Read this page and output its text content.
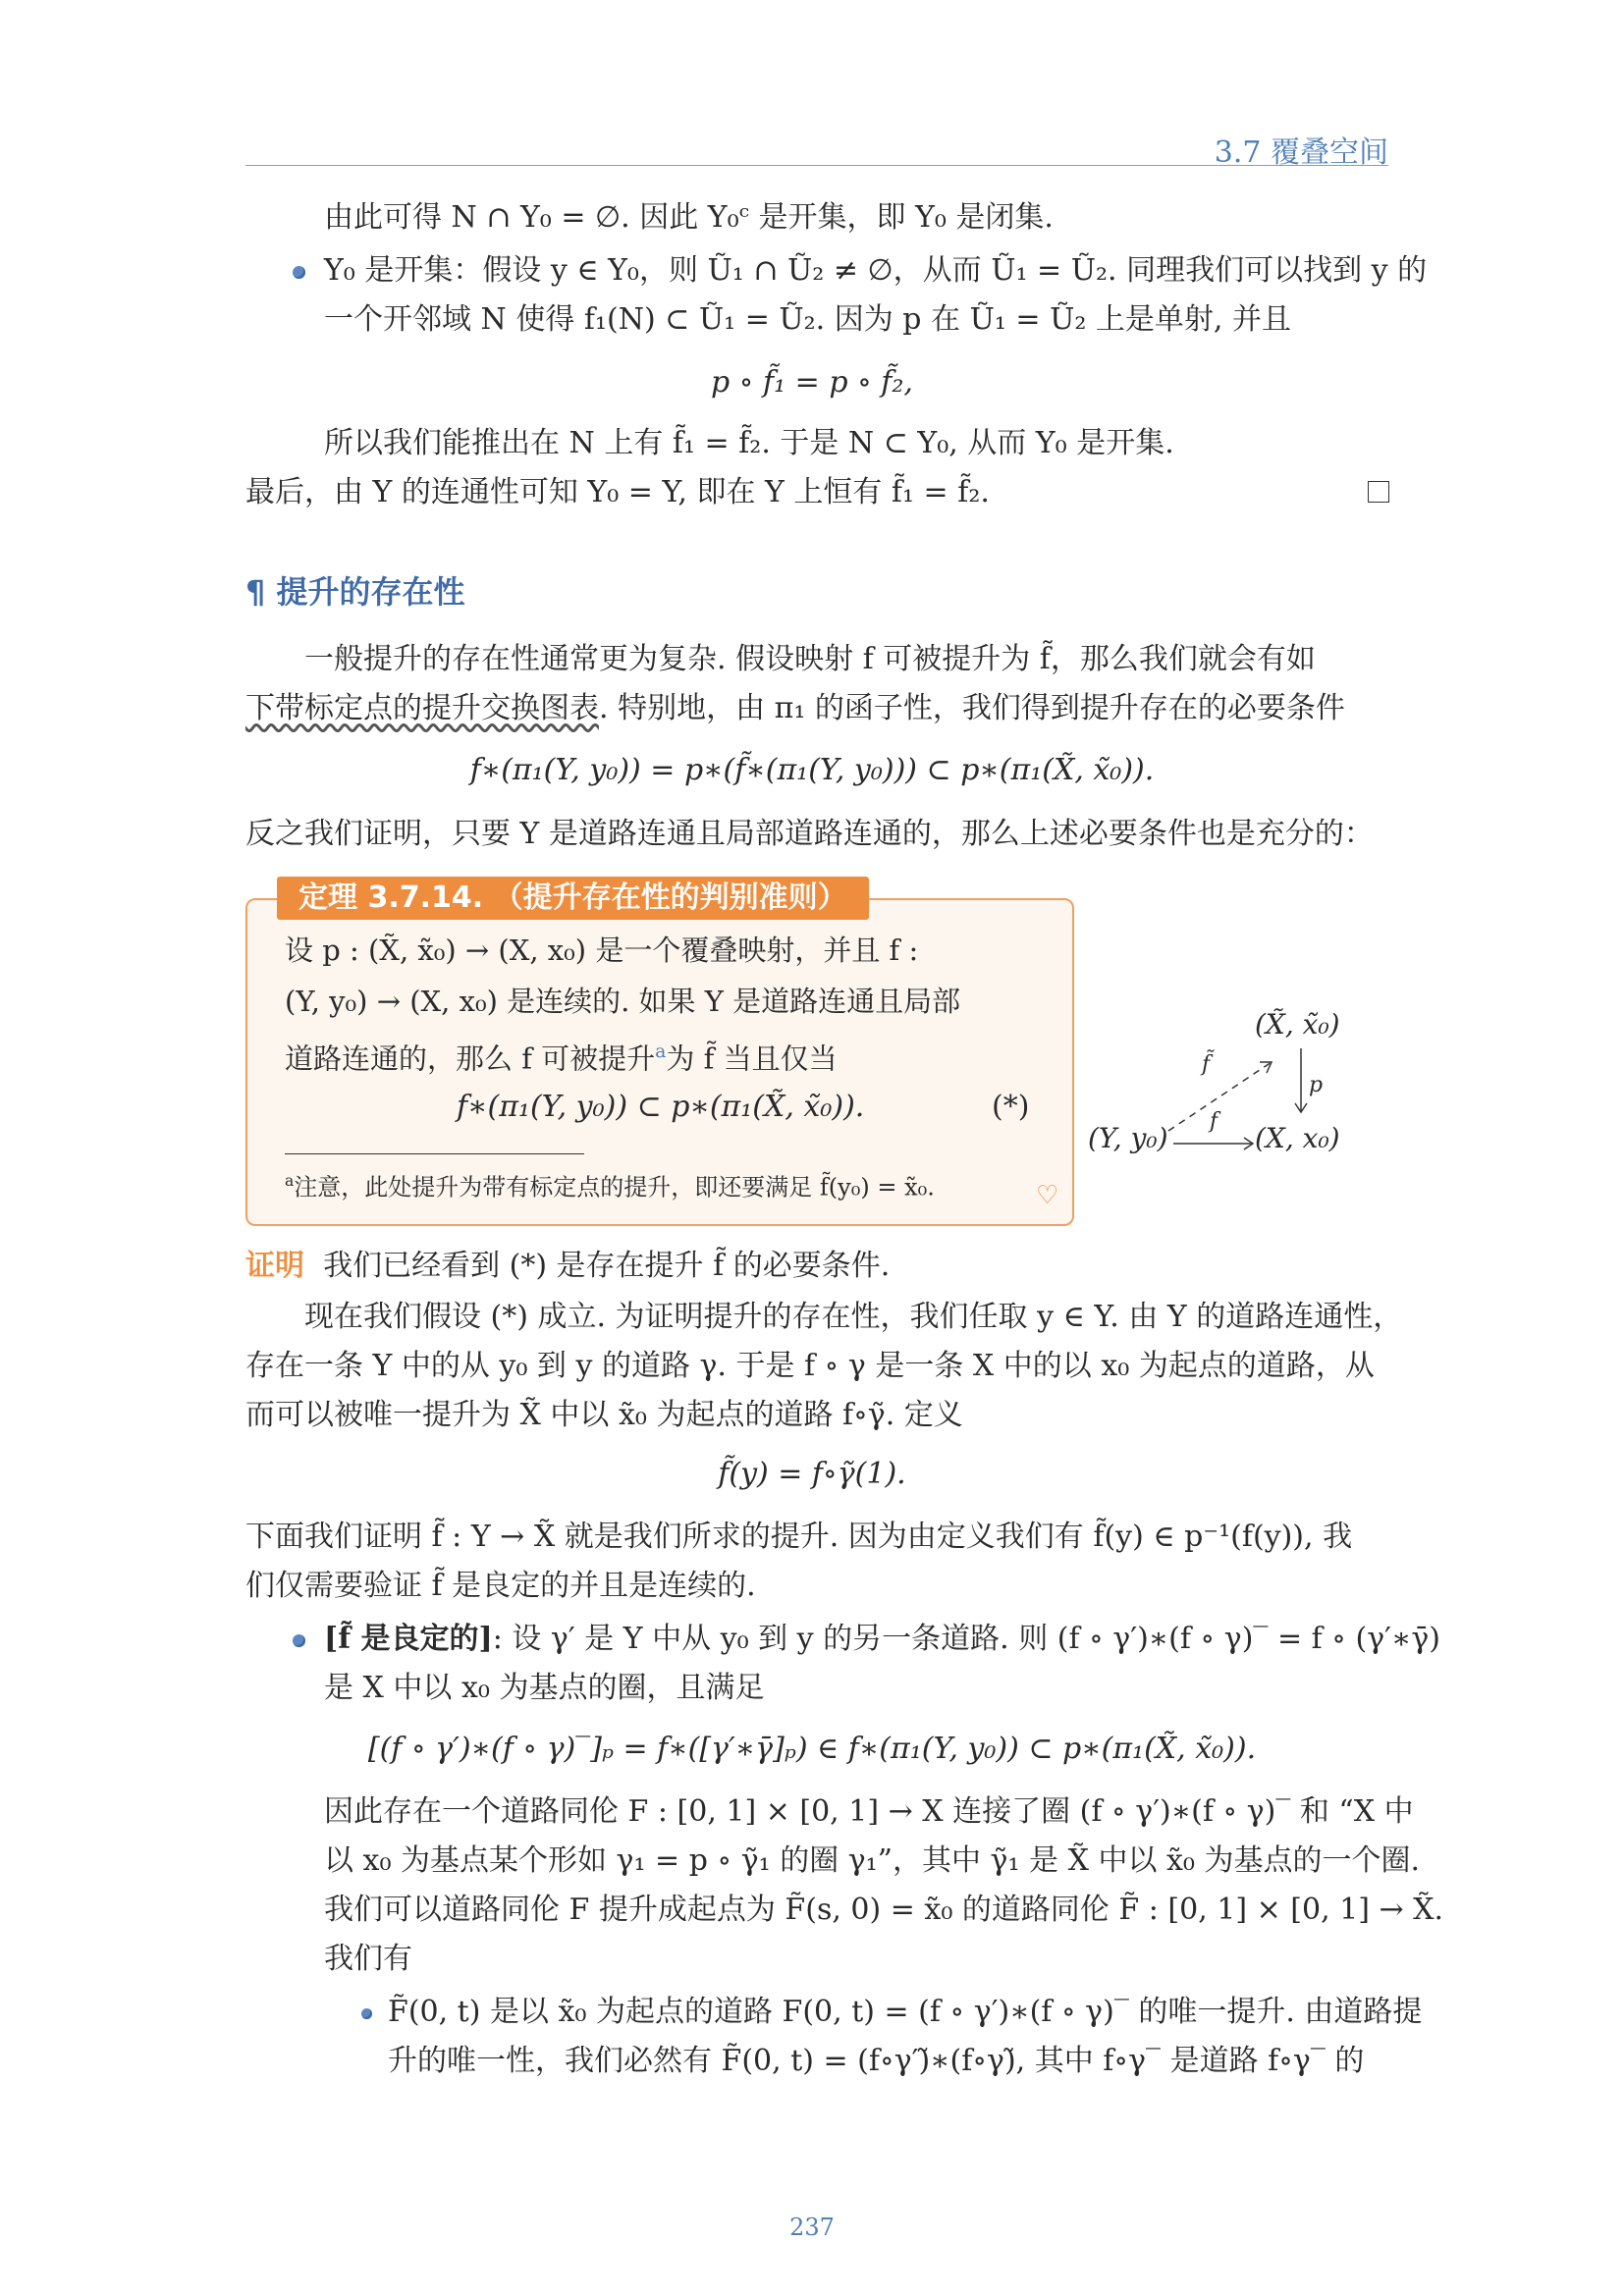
3.7 覆叠空间
由此可得 N ∩ Y₀ = ∅. 因此 Y₀ᶜ 是开集，即 Y₀ 是闭集.
Y₀ 是开集：假设 y ∈ Y₀，则 Ũ₁ ∩ Ũ₂ ≠ ∅，从而 Ũ₁ = Ũ₂. 同理我们可以找到 y 的
一个开邻域 N 使得 f₁(N) ⊂ Ũ₁ = Ũ₂. 因为 p 在 Ũ₁ = Ũ₂ 上是单射, 并且
p ∘ f̃₁ = p ∘ f̃₂,
所以我们能推出在 N 上有 f̃₁ = f̃₂. 于是 N ⊂ Y₀, 从而 Y₀ 是开集.
最后，由 Y 的连通性可知 Y₀ = Y, 即在 Y 上恒有 f̃₁ = f̃₂.
¶ 提升的存在性
一般提升的存在性通常更为复杂. 假设映射 f 可被提升为 f̃，那么我们就会有如
下带标定点的提升交换图表. 特别地，由 π₁ 的函子性，我们得到提升存在的必要条件
f∗(π₁(Y, y₀)) = p∗(f̃∗(π₁(Y, y₀))) ⊂ p∗(π₁(X̃, x̃₀)).
反之我们证明，只要 Y 是道路连通且局部道路连通的，那么上述必要条件也是充分的：
定理 3.7.14. （提升存在性的判别准则）
设 p : (X̃, x̃₀) → (X, x₀) 是一个覆叠映射，并且 f :
(Y, y₀) → (X, x₀) 是连续的. 如果 Y 是道路连通且局部
道路连通的，那么 f 可被提升$^a$为 f̃ 当且仅当
f∗(π₁(Y, y₀)) ⊂ p∗(π₁(X̃, x̃₀)).	(*)
$^a$注意，此处提升为带有标定点的提升，即还要满足 f̃(y₀) = x̃₀.	♡
(X̃, x̃₀)
(Y, y₀)	(X, x₀)
f̃
f
p
证明 我们已经看到 (*) 是存在提升 f̃ 的必要条件.
现在我们假设 (*) 成立. 为证明提升的存在性，我们任取 y ∈ Y. 由 Y 的道路连通性，
存在一条 Y 中的从 y₀ 到 y 的道路 γ. 于是 f ∘ γ 是一条 X 中的以 x₀ 为起点的道路，从
而可以被唯一提升为 X̃ 中以 x̃₀ 为起点的道路 f∘γ̃. 定义
f̃(y) = f∘γ̃(1).
下面我们证明 f̃ : Y → X̃ 就是我们所求的提升. 因为由定义我们有 f̃(y) ∈ p⁻¹(f(y)), 我
们仅需要验证 f̃ 是良定的并且是连续的.
[f̃ 是良定的]: 设 γ′ 是 Y 中从 y₀ 到 y 的另一条道路. 则 (f ∘ γ′)∗(f ∘ γ)‾ = f ∘ (γ′∗γ̄)
是 X 中以 x₀ 为基点的圈，且满足
[(f ∘ γ′)∗(f ∘ γ)‾]ₚ = f∗([γ′∗γ̄]ₚ) ∈ f∗(π₁(Y, y₀)) ⊂ p∗(π₁(X̃, x̃₀)).
因此存在一个道路同伦 F : [0, 1] × [0, 1] → X 连接了圈 (f ∘ γ′)∗(f ∘ γ)‾ 和 “X 中
以 x₀ 为基点某个形如 γ₁ = p ∘ γ̃₁ 的圈 γ₁”，其中 γ̃₁ 是 X̃ 中以 x̃₀ 为基点的一个圈.
我们可以道路同伦 F 提升成起点为 F̃(s, 0) = x̃₀ 的道路同伦 F̃ : [0, 1] × [0, 1] → X̃.
我们有
F̃(0, t) 是以 x̃₀ 为起点的道路 F(0, t) = (f ∘ γ′)∗(f ∘ γ)‾ 的唯一提升. 由道路提
升的唯一性，我们必然有 F̃(0, t) = (f∘γ′)̃∗(f∘γ)̃, 其中 f∘γ‾ 是道路 f∘γ‾ 的
237
